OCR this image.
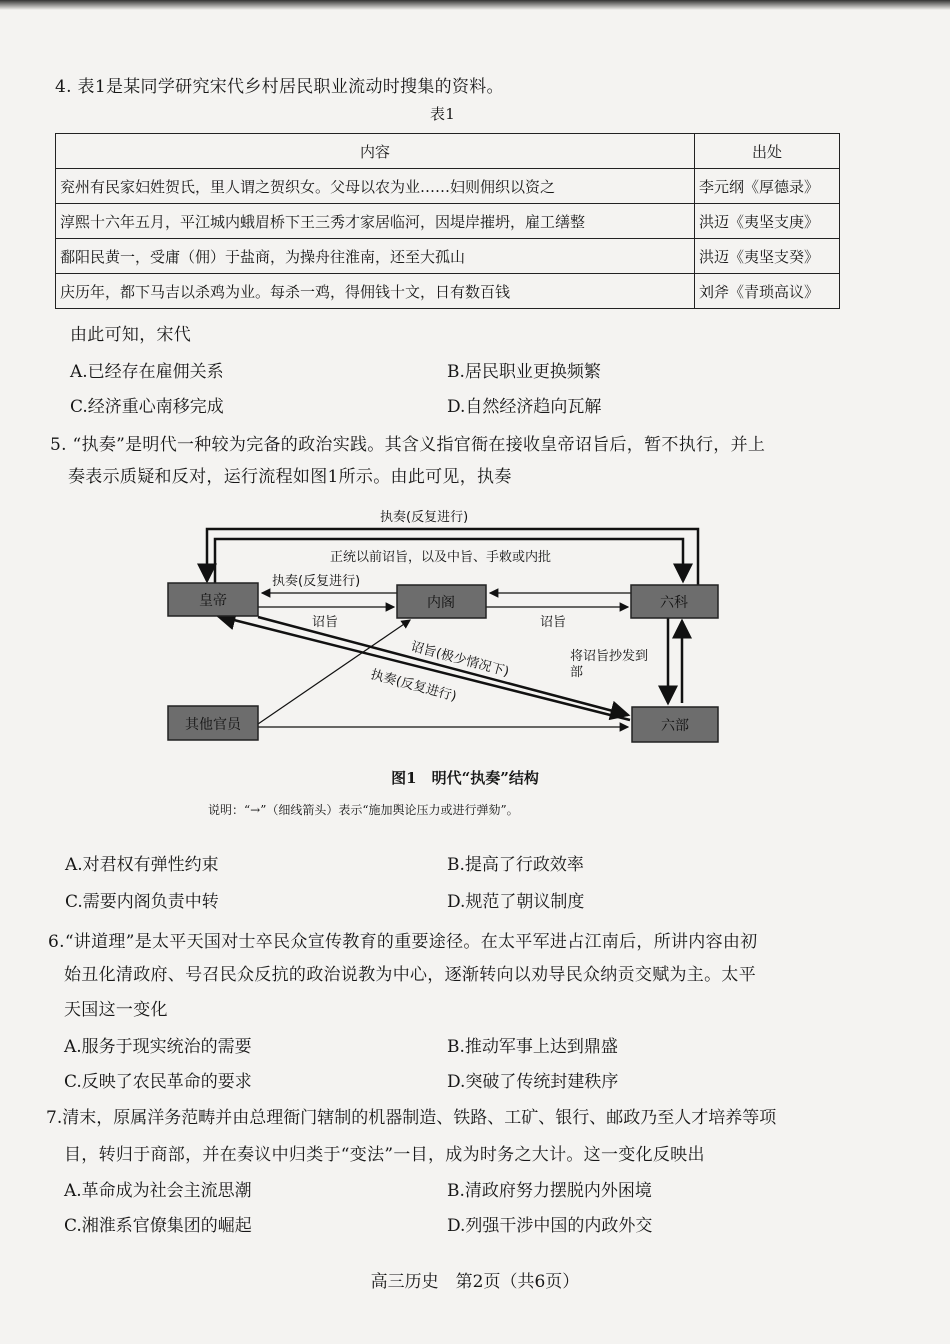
4. 表1是某同学研究宋代乡村居民职业流动时搜集的资料。
表1
内容	出处
兖州有民家妇姓贺氏，里人谓之贺织女。父母以农为业……妇则佣织以资之	李元纲《厚德录》
淳熙十六年五月，平江城内蛾眉桥下王三秀才家居临河，因堤岸摧坍，雇工缮整	洪迈《夷坚支庚》
鄱阳民黄一，受庸（佣）于盐商，为操舟往淮南，还至大孤山	洪迈《夷坚支癸》
庆历年，都下马吉以杀鸡为业。每杀一鸡，得佣钱十文，日有数百钱	刘斧《青琐高议》
由此可知，宋代
A.已经存在雇佣关系	B.居民职业更换频繁
C.经济重心南移完成	D.自然经济趋向瓦解
5. “执奏”是明代一种较为完备的政治实践。其含义指官衙在接收皇帝诏旨后，暂不执行，并上
奏表示质疑和反对，运行流程如图1所示。由此可见，执奏
皇帝	内阁	六科
其他官员	六部
执奏(反复进行)
正统以前诏旨，以及中旨、手敕或内批
执奏(反复进行)
诏旨	诏旨
诏旨(极少情况下)
执奏(反复进行)
将诏旨抄发到
部
图1　明代“执奏”结构
说明：“→”（细线箭头）表示“施加舆论压力或进行弹劾”。
A.对君权有弹性约束	B.提高了行政效率
C.需要内阁负责中转	D.规范了朝议制度
6.“讲道理”是太平天国对士卒民众宣传教育的重要途径。在太平军进占江南后，所讲内容由初
始丑化清政府、号召民众反抗的政治说教为中心，逐渐转向以劝导民众纳贡交赋为主。太平
天国这一变化
A.服务于现实统治的需要	B.推动军事上达到鼎盛
C.反映了农民革命的要求	D.突破了传统封建秩序
7.清末，原属洋务范畴并由总理衙门辖制的机器制造、铁路、工矿、银行、邮政乃至人才培养等项
目，转归于商部，并在奏议中归类于“变法”一目，成为时务之大计。这一变化反映出
A.革命成为社会主流思潮	B.清政府努力摆脱内外困境
C.湘淮系官僚集团的崛起	D.列强干涉中国的内政外交
高三历史　第2页（共6页）
